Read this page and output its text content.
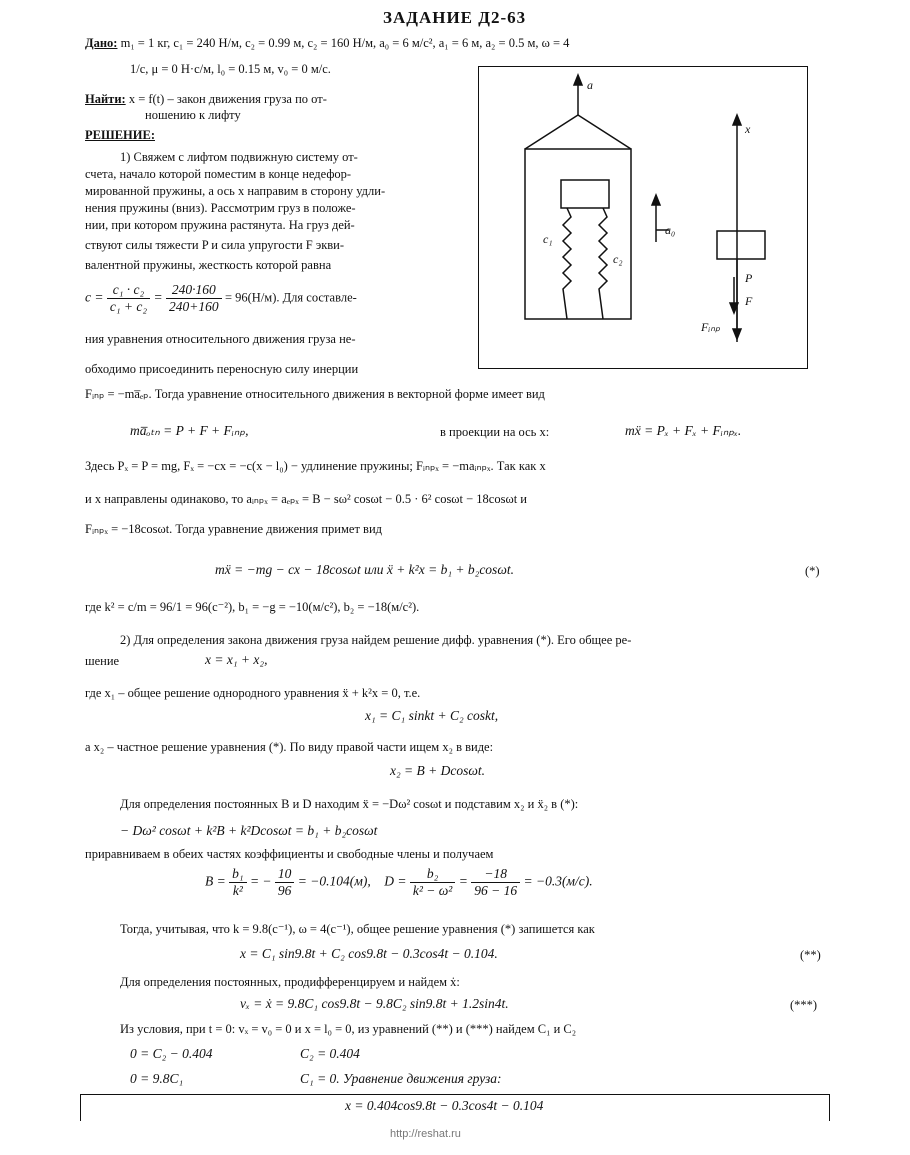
ЗАДАНИЕ Д2-63
Дано: m₁ = 1 кг, c₁ = 240 Н/м, c₂ = 0.99 м, c₂ = 160 Н/м, a₀ = 6 м/с², a₁ = 6 м, a₂ = 0.5 м, ω = 4
1/с, μ = 0 Н·с/м, l₀ = 0.15 м, v₀ = 0 м/с.
Найти: x = f(t) – закон движения груза по от-
ношению к лифту
РЕШЕНИЕ:
1) Свяжем с лифтом подвижную систему от-
счета, начало которой поместим в конце недефор-
мированной пружины, а ось x направим в сторону удли-
нения пружины (вниз). Рассмотрим груз в положе-
нии, при котором пружина растянута. На груз дей-
ствуют силы тяжести P и сила упругости F экви-
валентной пружины, жесткость которой равна
$c = \frac{\text{c₁ · c₂}}{\text{c₁ + c₂}} = \frac{240\cdot 160}{240+160} = 96(Н/м)$. Для составле-
ния уравнения относительного движения груза не-
обходимо присоединить переносную силу инерции
Fᵢₙₚ = −ma̅ₑₚ. Тогда уравнение относительного движения в векторной форме имеет вид
ma̅ₒₜₙ = P + F + Fᵢₙₚ,	в проекции на ось x:	mẍ = Pₓ + Fₓ + Fᵢₙₚₓ.
Здесь Pₓ = P = mg, Fₓ = −cx = −c(x − l₀) − удлинение пружины; Fᵢₙₚₓ = −maᵢₙₚₓ. Так как x
и x направлены одинаково, то aᵢₙₚₓ = aₑₚₓ = B − sω² cosωt − 0.5 · 6² cosωt − 18cosωt и
Fᵢₙₚₓ = −18cosωt. Тогда уравнение движения примет вид
mẍ = −mg − cx − 18cosωt или ẍ + k²x = b₁ + b₂cosωt.	(*)
где k² = c/m = 96/1 = 96(c⁻²), b₁ = −g = −10(м/с²), b₂ = −18(м/с²).
2) Для определения закона движения груза найдем решение дифф. уравнения (*). Его общее ре-
шение	x = x₁ + x₂,
где x₁ – общее решение однородного уравнения ẍ + k²x = 0, т.е.
x₁ = C₁ sinkt + C₂ coskt,
а x₂ – частное решение уравнения (*). По виду правой части ищем x₂ в виде:
x₂ = B + Dcosωt.
Для определения постоянных B и D находим ẍ = −Dω² cosωt и подставим x₂ и ẍ₂ в (*):
− Dω² cosωt + k²B + k²Dcosωt = b₁ + b₂cosωt
приравниваем в обеих частях коэффициенты и свободные члены и получаем
$B = \frac{\text{b₁}}{\text{k²}}$ = − $\frac{10}{96} = -0.104(м)$, $D = \frac{\text{b₂}}{\text{k² − ω²}} = \frac{-18}{96 - 16} = -0.3(м/с)$.
Тогда, учитывая, что k = 9.8(c⁻¹), ω = 4(c⁻¹), общее решение уравнения (*) запишется как
x = C₁ sin9.8t + C₂ cos9.8t − 0.3cos4t − 0.104.	(**)
Для определения постоянных, продифференцируем и найдем ẋ:
vₓ = ẋ = 9.8C₁ cos9.8t − 9.8C₂ sin9.8t + 1.2sin4t.	(***)
Из условия, при t = 0: vₓ = v₀ = 0 и x = l₀ = 0, из уравнений (**) и (***) найдем C₁ и C₂
0 = C₂ − 0.404	C₂ = 0.404
0 = 9.8C₁	C₁ = 0. Уравнение движения груза:
x = 0.404cos9.8t − 0.3cos4t − 0.104
http://reshat.ru
a
a₀
x
c₁
c₂
P
F
Fᵢₙₚ
